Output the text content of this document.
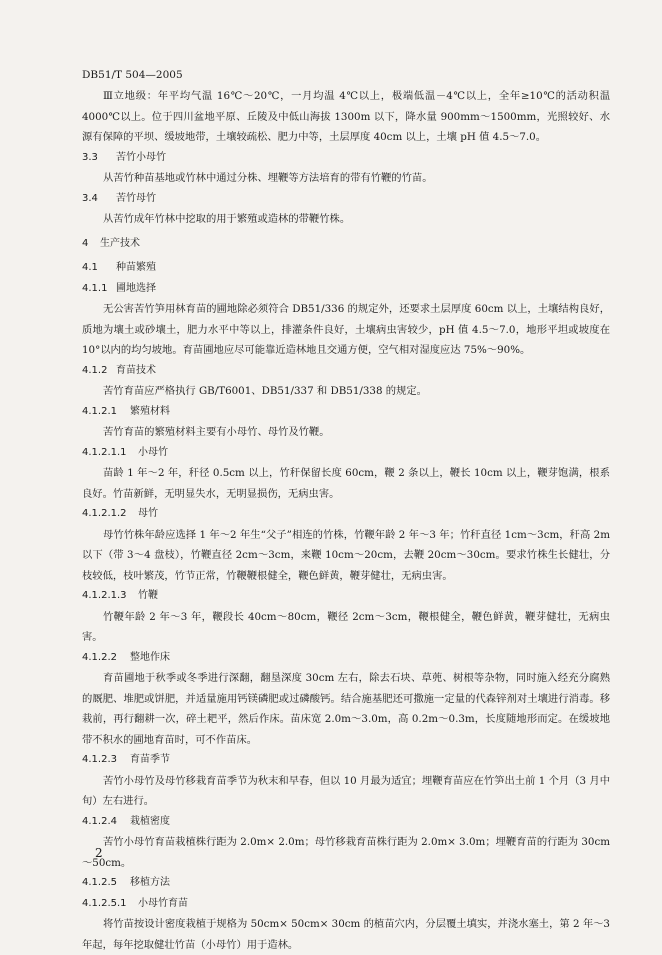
DB51/T 504—2005

Ⅲ立地级：年平均气温 16℃～20℃，一月均温 4℃以上，极端低温－4℃以上，全年≥10℃的活动积温 4000℃以上。位于四川盆地平原、丘陵及中低山海拔 1300m 以下，降水量 900mm～1500mm，光照较好、水源有保障的平坝、缓坡地带，土壤较疏松、肥力中等，土层厚度 40cm 以上，土壤 pH 值 4.5～7.0。

3.3 苦竹小母竹

从苦竹种苗基地或竹林中通过分株、埋鞭等方法培育的带有竹鞭的竹苗。

3.4 苦竹母竹

从苦竹成年竹林中挖取的用于繁殖或造林的带鞭竹株。

4 生产技术

4.1 种苗繁殖

4.1.1 圃地选择

无公害苦竹笋用林育苗的圃地除必须符合 DB51/336 的规定外，还要求土层厚度 60cm 以上，土壤结构良好，质地为壤土或砂壤土，肥力水平中等以上，排灌条件良好，土壤病虫害较少，pH 值 4.5～7.0，地形平坦或坡度在 10°以内的均匀坡地。育苗圃地应尽可能靠近造林地且交通方便，空气相对湿度应达 75%～90%。

4.1.2 育苗技术

苦竹育苗应严格执行 GB/T6001、DB51/337 和 DB51/338 的规定。

4.1.2.1 繁殖材料

苦竹育苗的繁殖材料主要有小母竹、母竹及竹鞭。

4.1.2.1.1 小母竹

苗龄 1 年～2 年，秆径 0.5cm 以上，竹秆保留长度 60cm，鞭 2 条以上，鞭长 10cm 以上，鞭芽饱满，根系良好。竹苗新鲜，无明显失水，无明显损伤，无病虫害。

4.1.2.1.2 母竹

母竹竹株年龄应选择 1 年～2 年生“父子”相连的竹株，竹鞭年龄 2 年～3 年；竹秆直径 1cm～3cm，秆高 2m 以下（带 3～4 盘枝），竹鞭直径 2cm～3cm，来鞭 10cm～20cm，去鞭 20cm～30cm。要求竹株生长健壮，分枝较低，枝叶繁茂，竹节正常，竹鞭鞭根健全，鞭色鲜黄，鞭芽健壮，无病虫害。

4.1.2.1.3 竹鞭

竹鞭年龄 2 年～3 年，鞭段长 40cm～80cm，鞭径 2cm～3cm，鞭根健全，鞭色鲜黄，鞭芽健壮，无病虫害。

4.1.2.2 整地作床

育苗圃地于秋季或冬季进行深翻，翻垦深度 30cm 左右，除去石块、草蔸、树根等杂物，同时施入经充分腐熟的厩肥、堆肥或饼肥，并适量施用钙镁磷肥或过磷酸钙。结合施基肥还可撒施一定量的代森锌剂对土壤进行消毒。移栽前，再行翻耕一次，碎土耙平，然后作床。苗床宽 2.0m～3.0m，高 0.2m～0.3m，长度随地形而定。在缓坡地带不积水的圃地育苗时，可不作苗床。

4.1.2.3 育苗季节

苦竹小母竹及母竹移栽育苗季节为秋末和早春，但以 10 月最为适宜；埋鞭育苗应在竹笋出土前 1 个月（3 月中旬）左右进行。

4.1.2.4 栽植密度

苦竹小母竹育苗栽植株行距为 2.0m× 2.0m；母竹移栽育苗株行距为 2.0m× 3.0m；埋鞭育苗的行距为 30cm～50cm。

4.1.2.5 移植方法

4.1.2.5.1 小母竹育苗

将竹苗按设计密度栽植于规格为 50cm× 50cm× 30cm 的植苗穴内，分层覆土填实，并浇水塞土，第 2 年～3 年起，每年挖取健壮竹苗（小母竹）用于造林。

2
